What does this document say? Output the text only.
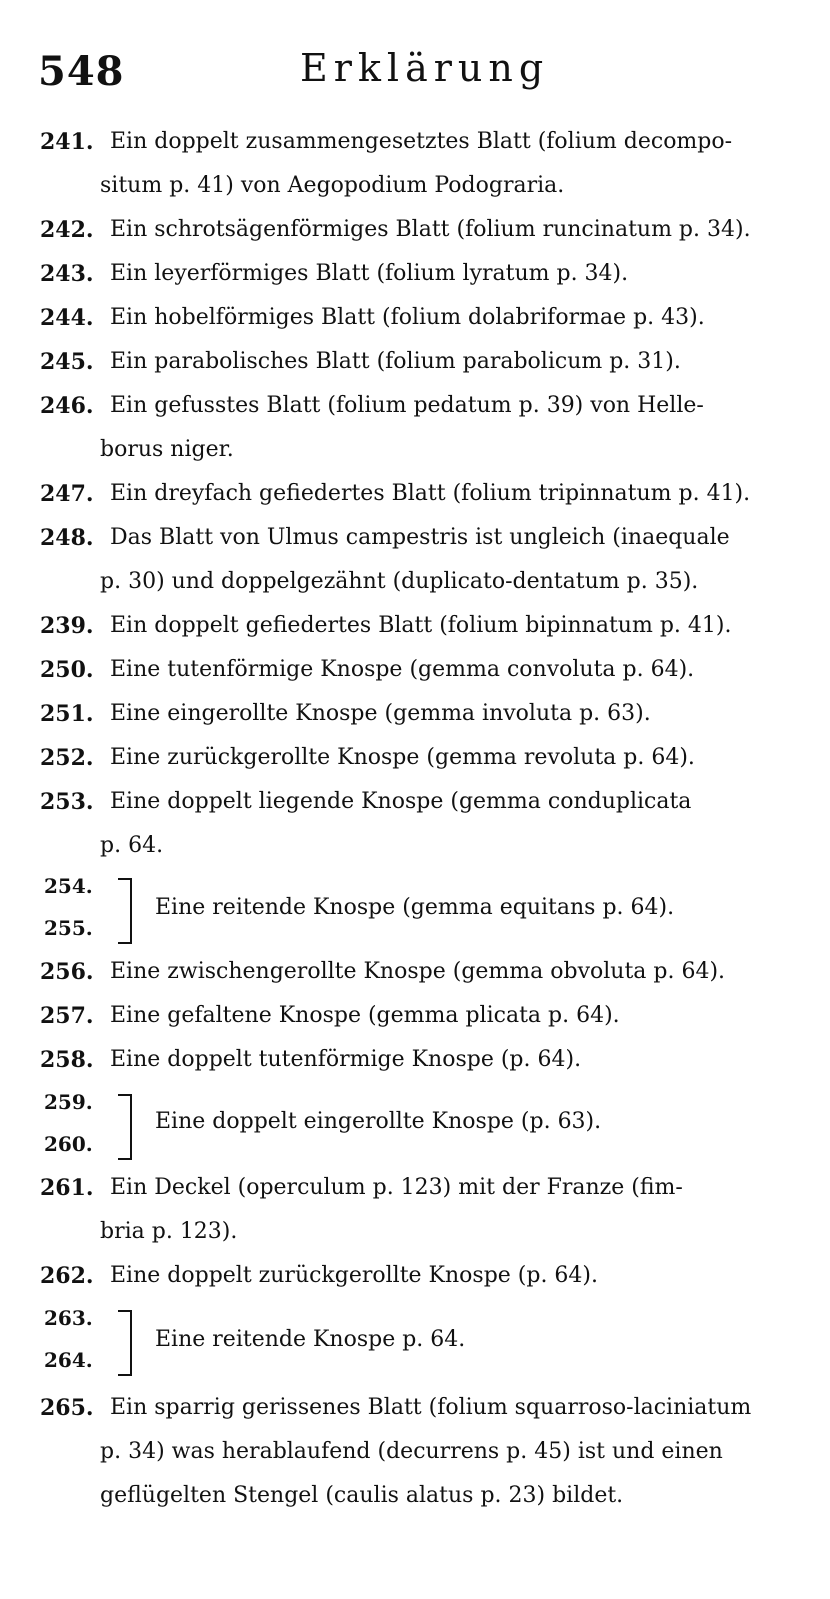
548	Erklärung
241. Ein doppelt zusammengesetztes Blatt (folium decompo-
situm p. 41) von Aegopodium Podograria.
242. Ein schrotsägenförmiges Blatt (folium runcinatum p. 34).
243. Ein leyerförmiges Blatt (folium lyratum p. 34).
244. Ein hobelförmiges Blatt (folium dolabriformae p. 43).
245. Ein parabolisches Blatt (folium parabolicum p. 31).
246. Ein gefusstes Blatt (folium pedatum p. 39) von Helle-
borus niger.
247. Ein dreyfach gefiedertes Blatt (folium tripinnatum p. 41).
248. Das Blatt von Ulmus campestris ist ungleich (inaequale
p. 30) und doppelgezähnt (duplicato-dentatum p. 35).
239. Ein doppelt gefiedertes Blatt (folium bipinnatum p. 41).
250. Eine tutenförmige Knospe (gemma convoluta p. 64).
251. Eine eingerollte Knospe (gemma involuta p. 63).
252. Eine zurückgerollte Knospe (gemma revoluta p. 64).
253. Eine doppelt liegende Knospe (gemma conduplicata
p. 64.
254.
255.
Eine reitende Knospe (gemma equitans p. 64).
256. Eine zwischengerollte Knospe (gemma obvoluta p. 64).
257. Eine gefaltene Knospe (gemma plicata p. 64).
258. Eine doppelt tutenförmige Knospe (p. 64).
259.
260.
Eine doppelt eingerollte Knospe (p. 63).
261. Ein Deckel (operculum p. 123) mit der Franze (fim-
bria p. 123).
262. Eine doppelt zurückgerollte Knospe (p. 64).
263.
264.
Eine reitende Knospe p. 64.
265. Ein sparrig gerissenes Blatt (folium squarroso-laciniatum
p. 34) was herablaufend (decurrens p. 45) ist und einen
geflügelten Stengel (caulis alatus p. 23) bildet.
